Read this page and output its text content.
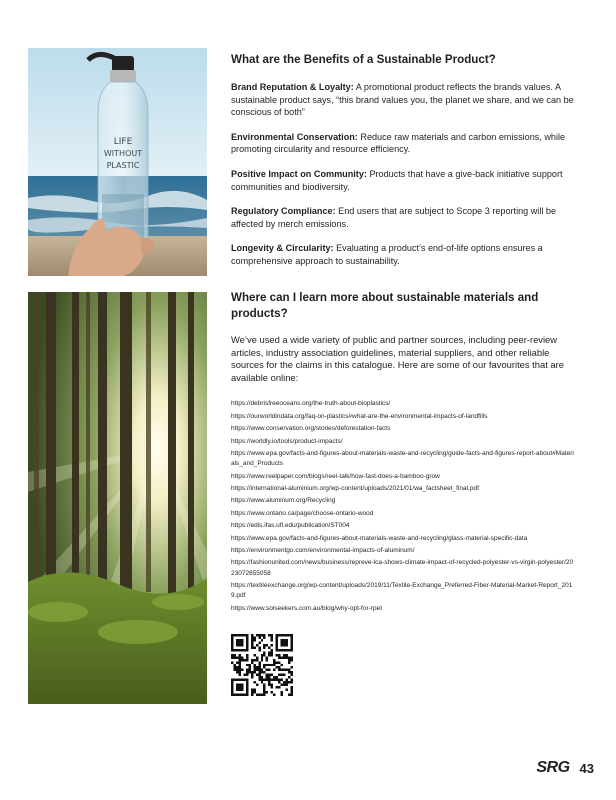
LIFE
WITHOUT
PLASTIC
What are the Benefits of a Sustainable Product?

Brand Reputation & Loyalty: A promotional product reflects the brands values. A sustainable product says, “this brand values you, the planet we share, and we can be conscious of both”

Environmental Conservation: Reduce raw materials and carbon emissions, while promoting circularity and resource efficiency.

Positive Impact on Community: Products that have a give-back initiative support communities and biodiversity.

Regulatory Compliance: End users that are subject to Scope 3 reporting will be affected by merch emissions.

Longevity & Circularity: Evaluating a product’s end-of-life options ensures a comprehensive approach to sustainability.

Where can I learn more about sustainable materials and products?

We’ve used a wide variety of public and partner sources, including peer-review articles, industry association guidelines, material suppliers, and other reliable sources for the claims in this catalogue. Here are some of our favourites that are available online:

https://debrisfreeoceans.org/the-truth-about-bioplastics/
https://ourworldindata.org/faq-on-plastics#what-are-the-environmental-impacts-of-landfills
https://www.conservation.org/stories/deforestation-facts
https://worldly.io/tools/product-impacts/
https://www.epa.gov/facts-and-figures-about-materials-waste-and-recycling/guide-facts-and-figures-report-about#Materials_and_Products
https://www.reelpaper.com/blogs/reel-talk/how-fast-does-a-bamboo-grow
https://international-aluminium.org/wp-content/uploads/2021/01/wa_factsheet_final.pdf
https://www.aluminum.org/Recycling
https://www.ontario.ca/page/choose-ontario-wood
https://edis.ifas.ufl.edu/publication/ST004
https://www.epa.gov/facts-and-figures-about-materials-waste-and-recycling/glass-material-specific-data
https://environmentgo.com/environmental-impacts-of-aluminum/
https://fashionunited.com/news/business/repreve-lca-shows-climate-impact-of-recycled-polyester-vs-virgin-polyester/2023072655058
https://textileexchange.org/wp-content/uploads/2019/11/Textile-Exchange_Preferred-Fiber-Material-Market-Report_2019.pdf
https://www.solseekers.com.au/blog/why-opt-for-rpet
SRG 43
